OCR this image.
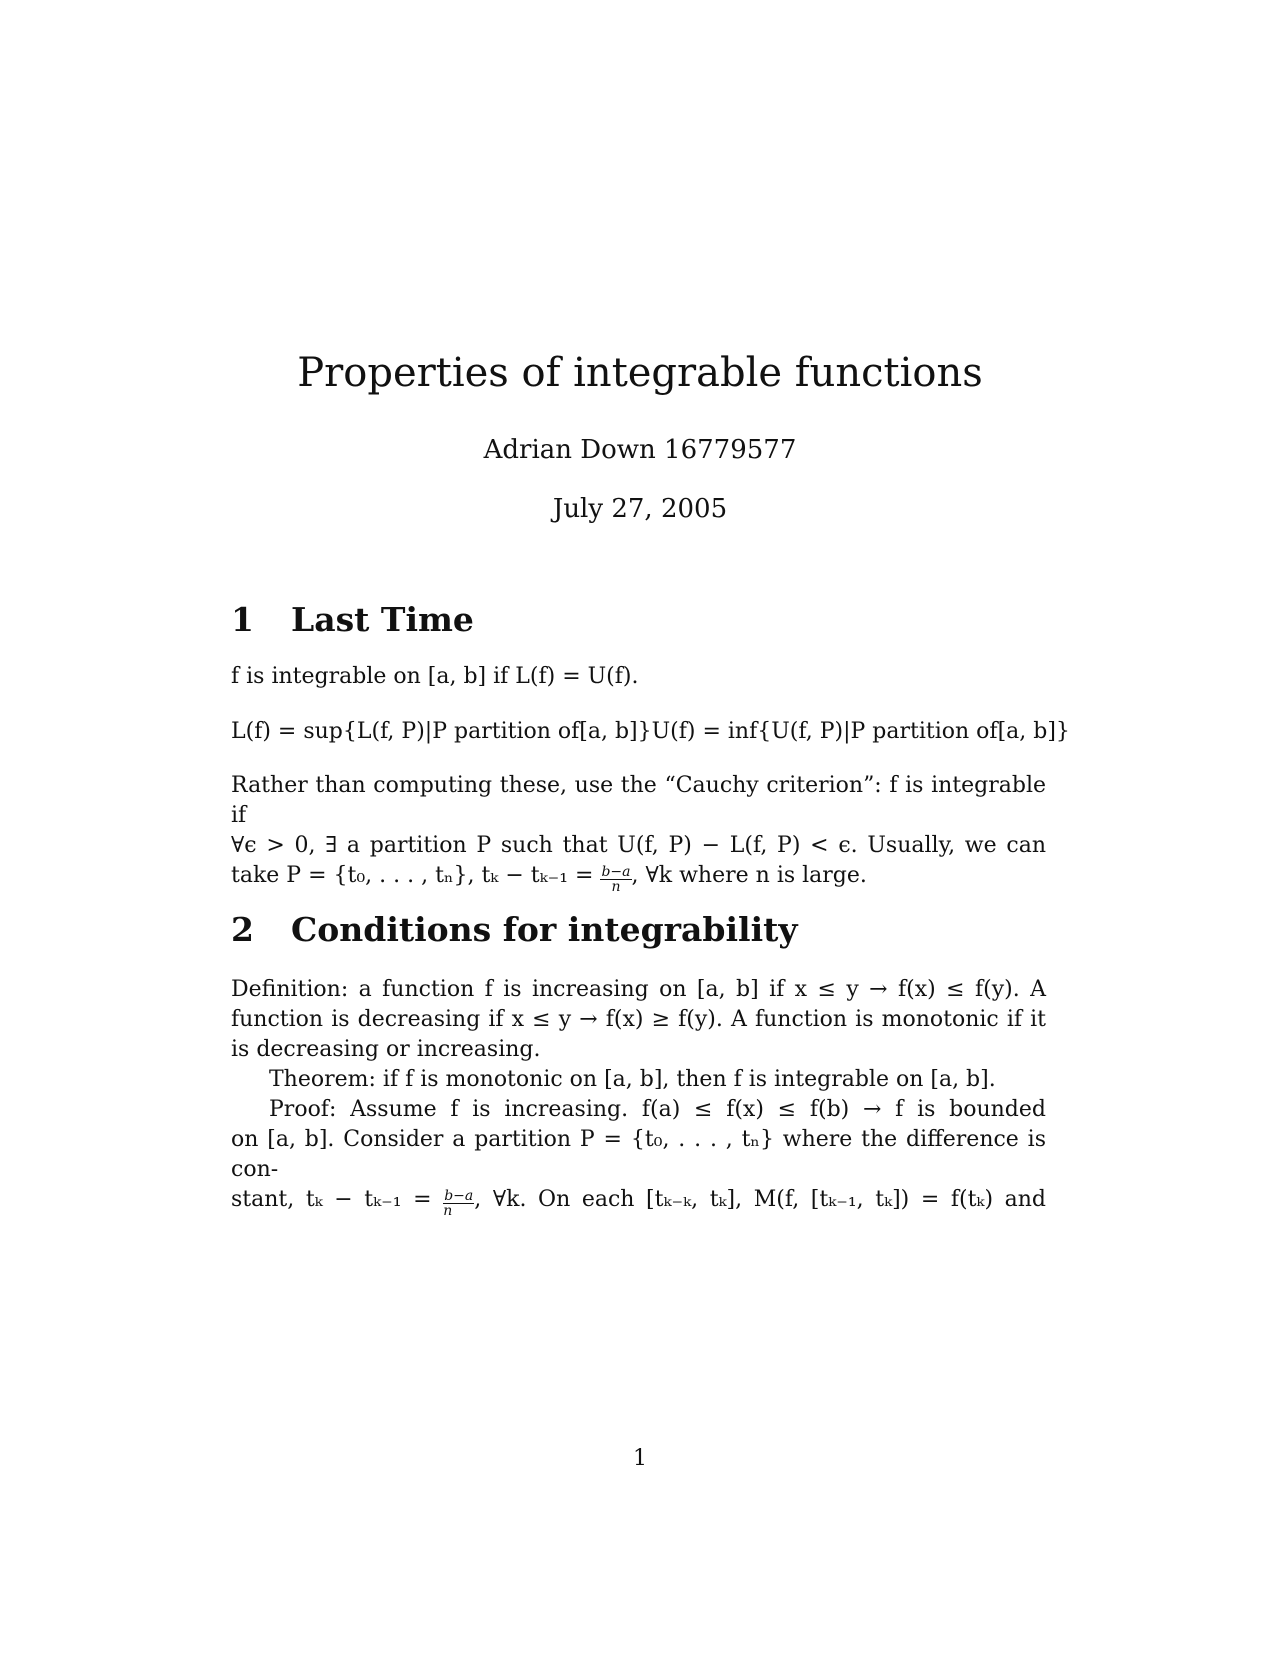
Properties of integrable functions
Adrian Down 16779577
July 27, 2005
1 Last Time

f is integrable on [a, b] if L(f) = U(f).

L(f) = sup{L(f, P)|P partition of[a, b]}U(f) = inf{U(f, P)|P partition of[a, b]}

Rather than computing these, use the “Cauchy criterion”: f is integrable if

∀ϵ > 0, ∃ a partition P such that U(f, P) − L(f, P) < ϵ. Usually, we can

take P = {t₀, . . . , tₙ}, $t_k - t_{k-1} = \frac{b-a}{n}$ , ∀k where n is large.

2 Conditions for integrability

Definition: a function f is increasing on [a, b] if x ≤ y → f(x) ≤ f(y). A

function is decreasing if x ≤ y → f(x) ≥ f(y). A function is monotonic if it

is decreasing or increasing.

Theorem: if f is monotonic on [a, b], then f is integrable on [a, b].

Proof: Assume f is increasing. f(a) ≤ f(x) ≤ f(b) → f is bounded

on [a, b]. Consider a partition P = {t₀, . . . , tₙ} where the difference is con-

stant, $t_k - t_{k-1} = \frac{b-a}{n}$ , ∀k. On each [tₖ₋ₖ, tₖ], M(f, [tₖ₋₁, tₖ]) = f(tₖ) and

1
